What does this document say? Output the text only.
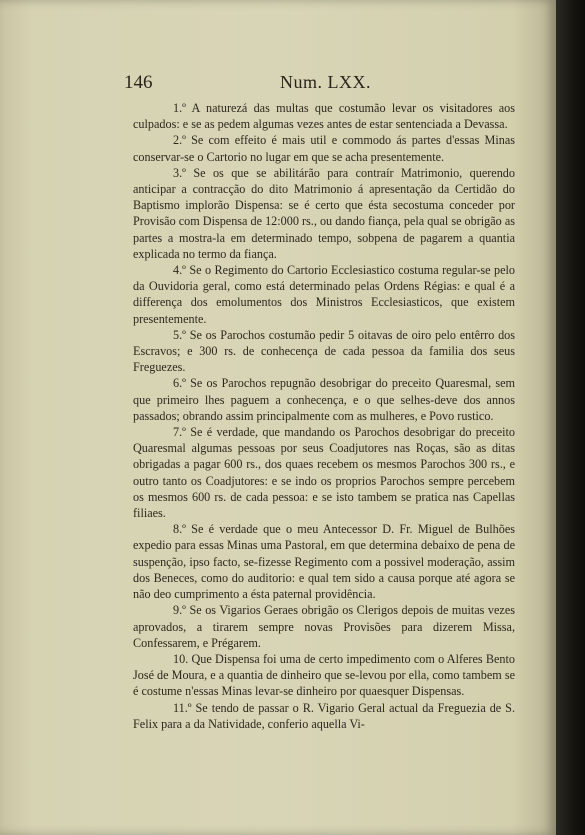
146	Num. LXX.

1.º A naturezá das multas que costumão levar os visitadores aos culpados: e se as pedem algumas vezes antes de estar sentenciada a Devassa.

2.º Se com effeito é mais util e commodo ás partes d'essas Minas conservar-se o Cartorio no lugar em que se acha presentemente.

3.º Se os que se abilitárão para contraír Matrimonio, querendo anticipar a contracção do dito Matrimonio á apresentação da Certidão do Baptismo implorão Dispensa: se é certo que ésta secostuma conceder por Provisão com Dispensa de 12:000 rs., ou dando fiança, pela qual se obrigão as partes a mostra-la em determinado tempo, sobpena de pagarem a quantia explicada no termo da fiança.

4.º Se o Regimento do Cartorio Ecclesiastico costuma regular-se pelo da Ouvidoria geral, como está determinado pelas Ordens Régias: e qual é a differença dos emolumentos dos Ministros Ecclesiasticos, que existem presentemente.

5.º Se os Parochos costumão pedir 5 oitavas de oiro pelo entêrro dos Escravos; e 300 rs. de conhecença de cada pessoa da familia dos seus Freguezes.

6.º Se os Parochos repugnão desobrigar do preceito Quaresmal, sem que primeiro lhes paguem a conhecença, e o que selhes-deve dos annos passados; obrando assim principalmente com as mulheres, e Povo rustico.

7.º Se é verdade, que mandando os Parochos desobrigar do preceito Quaresmal algumas pessoas por seus Coadjutores nas Roças, são as ditas obrigadas a pagar 600 rs., dos quaes recebem os mesmos Parochos 300 rs., e outro tanto os Coadjutores: e se indo os proprios Parochos sempre percebem os mesmos 600 rs. de cada pessoa: e se isto tambem se pratica nas Capellas filiaes.

8.º Se é verdade que o meu Antecessor D. Fr. Miguel de Bulhões expedio para essas Minas uma Pastoral, em que determina debaixo de pena de suspenção, ipso facto, se-fizesse Regimento com a possivel moderação, assim dos Beneces, como do auditorio: e qual tem sido a causa porque até agora se não deo cumprimento a ésta paternal providência.

9.º Se os Vigarios Geraes obrigão os Clerigos depois de muitas vezes aprovados, a tirarem sempre novas Provisões para dizerem Missa, Confessarem, e Prégarem.

10. Que Dispensa foi uma de certo impedimento com o Alferes Bento José de Moura, e a quantia de dinheiro que se-levou por ella, como tambem se é costume n'essas Minas levar-se dinheiro por quaesquer Dispensas.

11.º Se tendo de passar o R. Vigario Geral actual da Freguezia de S. Felix para a da Natividade, conferio aquella Vi-
